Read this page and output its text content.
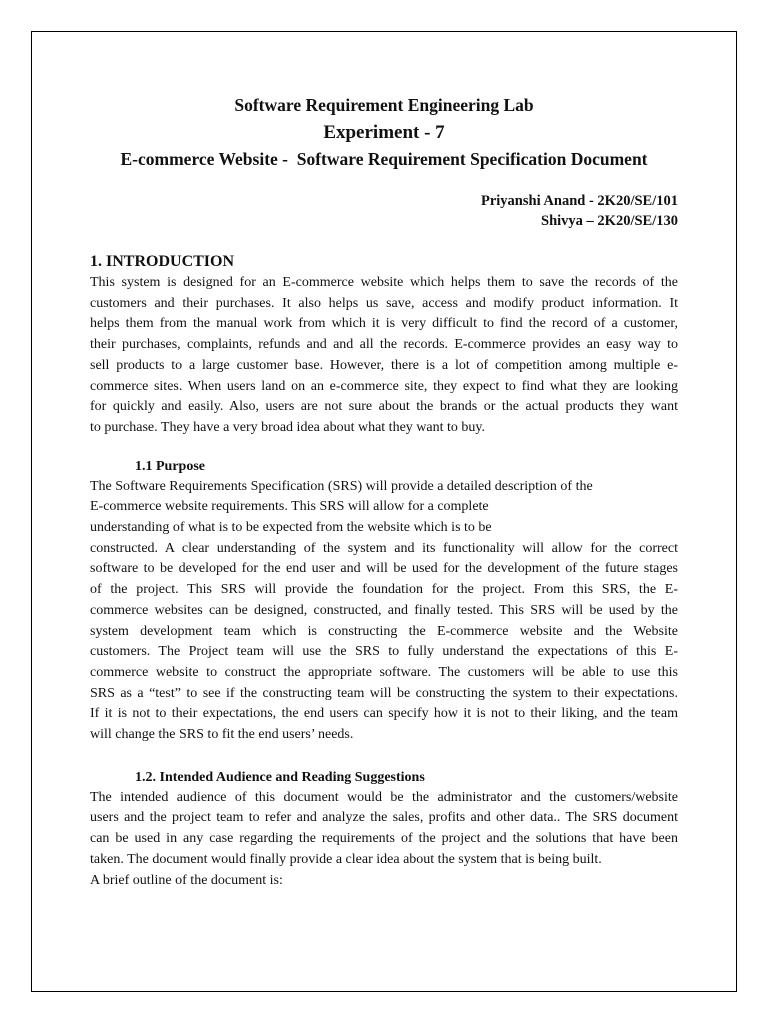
Software Requirement Engineering Lab
Experiment - 7
E-commerce Website -  Software Requirement Specification Document
Priyanshi Anand - 2K20/SE/101
Shivya – 2K20/SE/130
1. INTRODUCTION
This system is designed for an E-commerce website which helps them to save the records of the
customers and their purchases. It also helps us save, access and modify product information. It
helps them from the manual work from which it is very difficult to find the record of a customer,
their purchases, complaints, refunds and and all the records. E-commerce provides an easy way to
sell products to a large customer base. However, there is a lot of competition among multiple e-
commerce sites. When users land on an e-commerce site, they expect to find what they are looking
for quickly and easily. Also, users are not sure about the brands or the actual products they want
to purchase. They have a very broad idea about what they want to buy.
1.1 Purpose
The Software Requirements Specification (SRS) will provide a detailed description of the
E-commerce website requirements. This SRS will allow for a complete
understanding of what is to be expected from the website which is to be
constructed. A clear understanding of the system and its functionality will allow for the correct
software to be developed for the end user and will be used for the development of the future stages
of the project. This SRS will provide the foundation for the project. From this SRS, the E-
commerce websites can be designed, constructed, and finally tested. This SRS will be used by the
system development team which is constructing the E-commerce website and the Website
customers. The Project team will use the SRS to fully understand the expectations of this E-
commerce website to construct the appropriate software. The customers will be able to use this
SRS as a “test” to see if the constructing team will be constructing the system to their expectations.
If it is not to their expectations, the end users can specify how it is not to their liking, and the team
will change the SRS to fit the end users’ needs.
1.2. Intended Audience and Reading Suggestions
The intended audience of this document would be the administrator and the customers/website
users and the project team to refer and analyze the sales, profits and other data.. The SRS document
can be used in any case regarding the requirements of the project and the solutions that have been
taken. The document would finally provide a clear idea about the system that is being built.
A brief outline of the document is:
